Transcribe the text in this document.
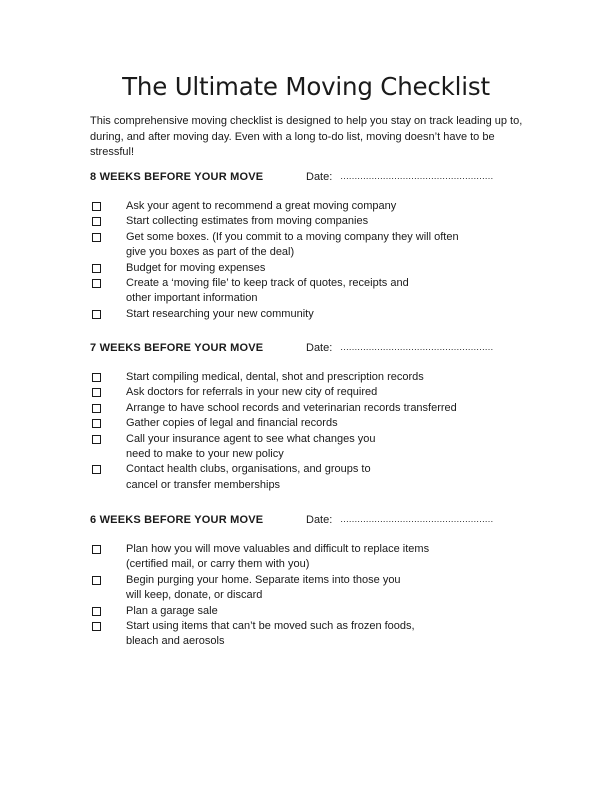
The Ultimate Moving Checklist

This comprehensive moving checklist is designed to help you stay on track leading up to, during, and after moving day. Even with a long to-do list, moving doesn’t have to be stressful!

8 WEEKS BEFORE YOUR MOVE	Date: ………………………………………………
Ask your agent to recommend a great moving company
Start collecting estimates from moving companies
Get some boxes. (If you commit to a moving company they will often
give you boxes as part of the deal)
Budget for moving expenses
Create a ‘moving file’ to keep track of quotes, receipts and
other important information
Start researching your new community
7 WEEKS BEFORE YOUR MOVE	Date: ………………………………………………
Start compiling medical, dental, shot and prescription records
Ask doctors for referrals in your new city of required
Arrange to have school records and veterinarian records transferred
Gather copies of legal and financial records
Call your insurance agent to see what changes you
need to make to your new policy
Contact health clubs, organisations, and groups to
cancel or transfer memberships
6 WEEKS BEFORE YOUR MOVE	Date: ………………………………………………
Plan how you will move valuables and difficult to replace items
(certified mail, or carry them with you)
Begin purging your home. Separate items into those you
will keep, donate, or discard
Plan a garage sale
Start using items that can’t be moved such as frozen foods,
bleach and aerosols
